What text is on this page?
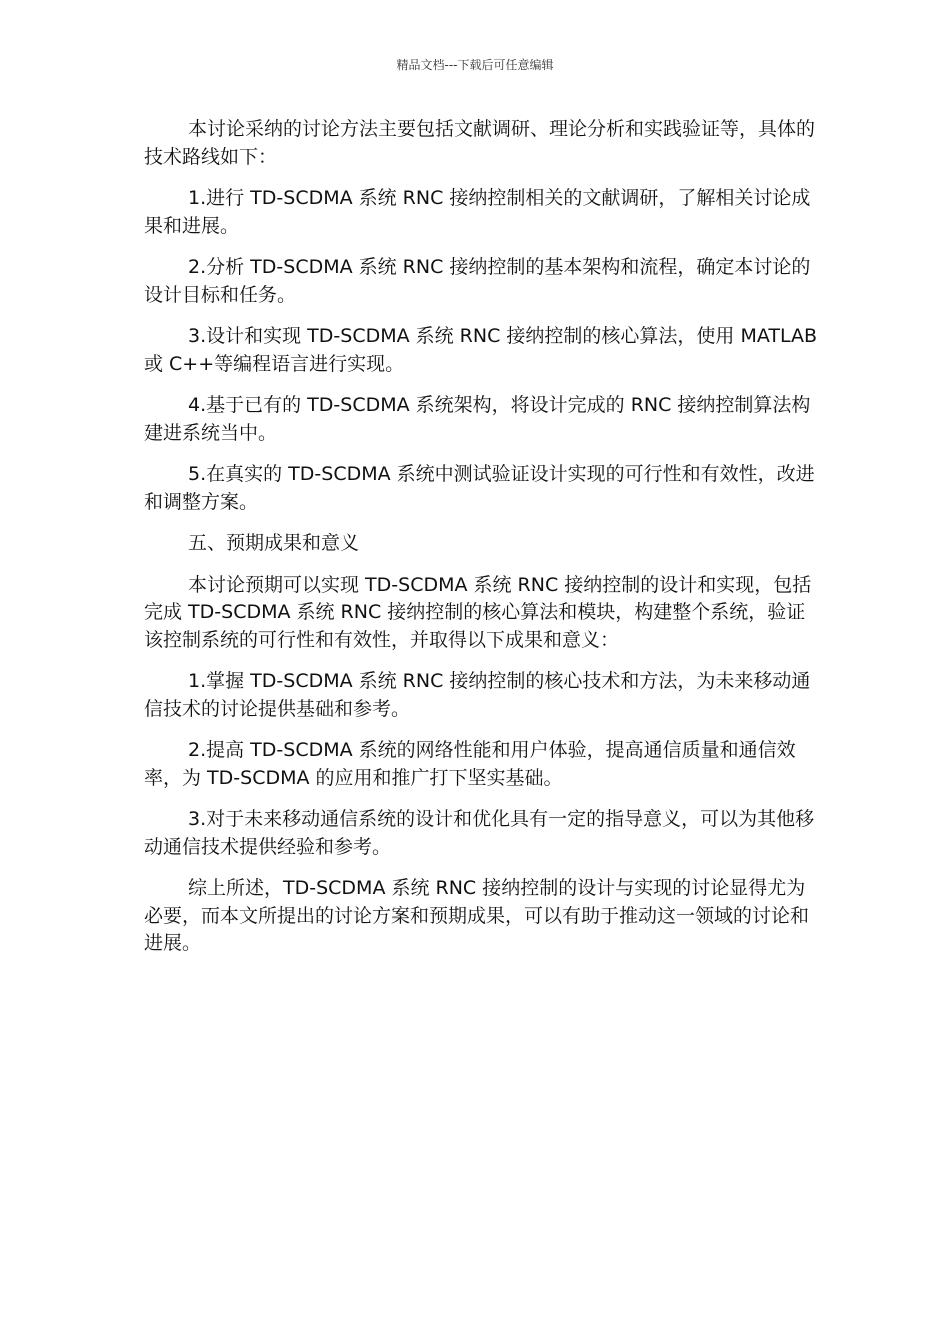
精品文档---下载后可任意编辑

本讨论采纳的讨论方法主要包括文献调研、理论分析和实践验证等，具体的技术路线如下：

1.进行 TD-SCDMA 系统 RNC 接纳控制相关的文献调研，了解相关讨论成果和进展。

2.分析 TD-SCDMA 系统 RNC 接纳控制的基本架构和流程，确定本讨论的设计目标和任务。

3.设计和实现 TD-SCDMA 系统 RNC 接纳控制的核心算法，使用 MATLAB 或 C++等编程语言进行实现。

4.基于已有的 TD-SCDMA 系统架构，将设计完成的 RNC 接纳控制算法构建进系统当中。

5.在真实的 TD-SCDMA 系统中测试验证设计实现的可行性和有效性，改进和调整方案。

五、预期成果和意义

本讨论预期可以实现 TD-SCDMA 系统 RNC 接纳控制的设计和实现，包括完成 TD-SCDMA 系统 RNC 接纳控制的核心算法和模块，构建整个系统，验证该控制系统的可行性和有效性，并取得以下成果和意义：

1.掌握 TD-SCDMA 系统 RNC 接纳控制的核心技术和方法，为未来移动通信技术的讨论提供基础和参考。

2.提高 TD-SCDMA 系统的网络性能和用户体验，提高通信质量和通信效率，为 TD-SCDMA 的应用和推广打下坚实基础。

3.对于未来移动通信系统的设计和优化具有一定的指导意义，可以为其他移动通信技术提供经验和参考。

综上所述，TD-SCDMA 系统 RNC 接纳控制的设计与实现的讨论显得尤为必要，而本文所提出的讨论方案和预期成果，可以有助于推动这一领域的讨论和进展。
